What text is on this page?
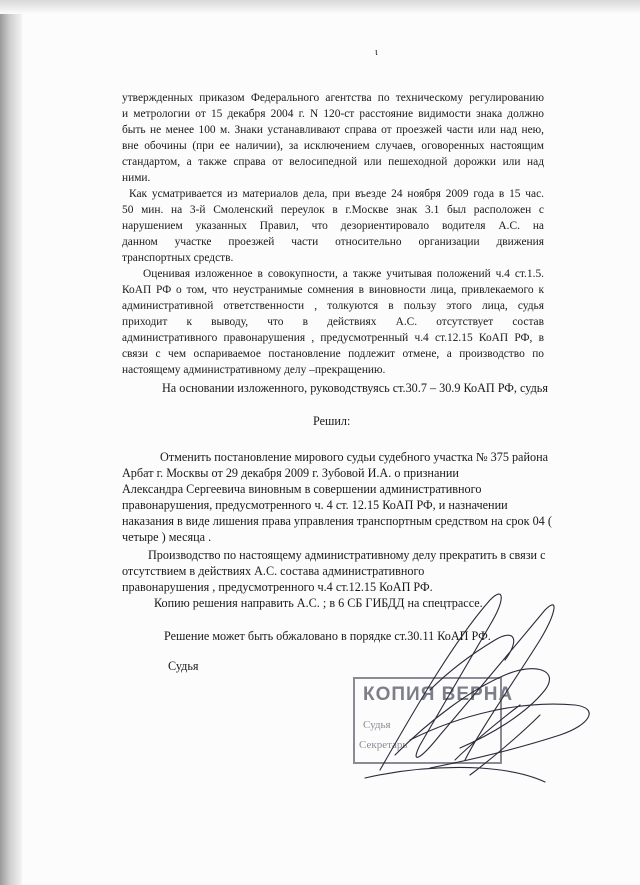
ι
утвержденных приказом Федерального агентства по техническому регулированию
и метрологии от 15 декабря 2004 г. N 120-ст расстояние видимости знака должно
быть не менее 100 м. Знаки устанавливают справа от проезжей части или над нею,
вне обочины (при ее наличии), за исключением случаев, оговоренных настоящим
стандартом, а также справа от велосипедной или пешеходной дорожки или над
ними.
Как усматривается из материалов дела, при въезде 24 ноября 2009 года в 15 час.
50 мин. на 3-й Смоленский переулок в г.Москве знак 3.1 был расположен с
нарушением указанных Правил, что дезориентировало водителя А.С. на
данном участке проезжей части относительно организации движения
транспортных средств.
Оценивая изложенное в совокупности, а также учитывая положений ч.4 ст.1.5.
КоАП РФ о том, что неустранимые сомнения в виновности лица, привлекаемого к
административной ответственности , толкуются в пользу этого лица, судья
приходит к выводу, что в действиях А.С. отсутствует состав
административного правонарушения , предусмотренный ч.4 ст.12.15 КоАП РФ, в
связи с чем оспариваемое постановление подлежит отмене, а производство по
настоящему административному делу –прекращению.
На основании изложенного, руководствуясь ст.30.7 – 30.9 КоАП РФ, судья
Решил:
Отменить постановление мирового судьи судебного участка № 375 района
Арбат г. Москвы от 29 декабря 2009 г. Зубовой И.А. о признании
Александра Сергеевича виновным в совершении административного
правонарушения, предусмотренного ч. 4 ст. 12.15 КоАП РФ, и назначении
наказания в виде лишения права управления транспортным средством на срок 04 (
четыре ) месяца .
Производство по настоящему административному делу прекратить в связи с
отсутствием в действиях А.С. состава административного
правонарушения , предусмотренного ч.4 ст.12.15 КоАП РФ.
Копию решения направить А.С. ; в 6 СБ ГИБДД на спецтрассе.
Решение может быть обжаловано в порядке ст.30.11 КоАП РФ.
Судья
КОПИЯ ВЕРНА
Судья
Секретарь
